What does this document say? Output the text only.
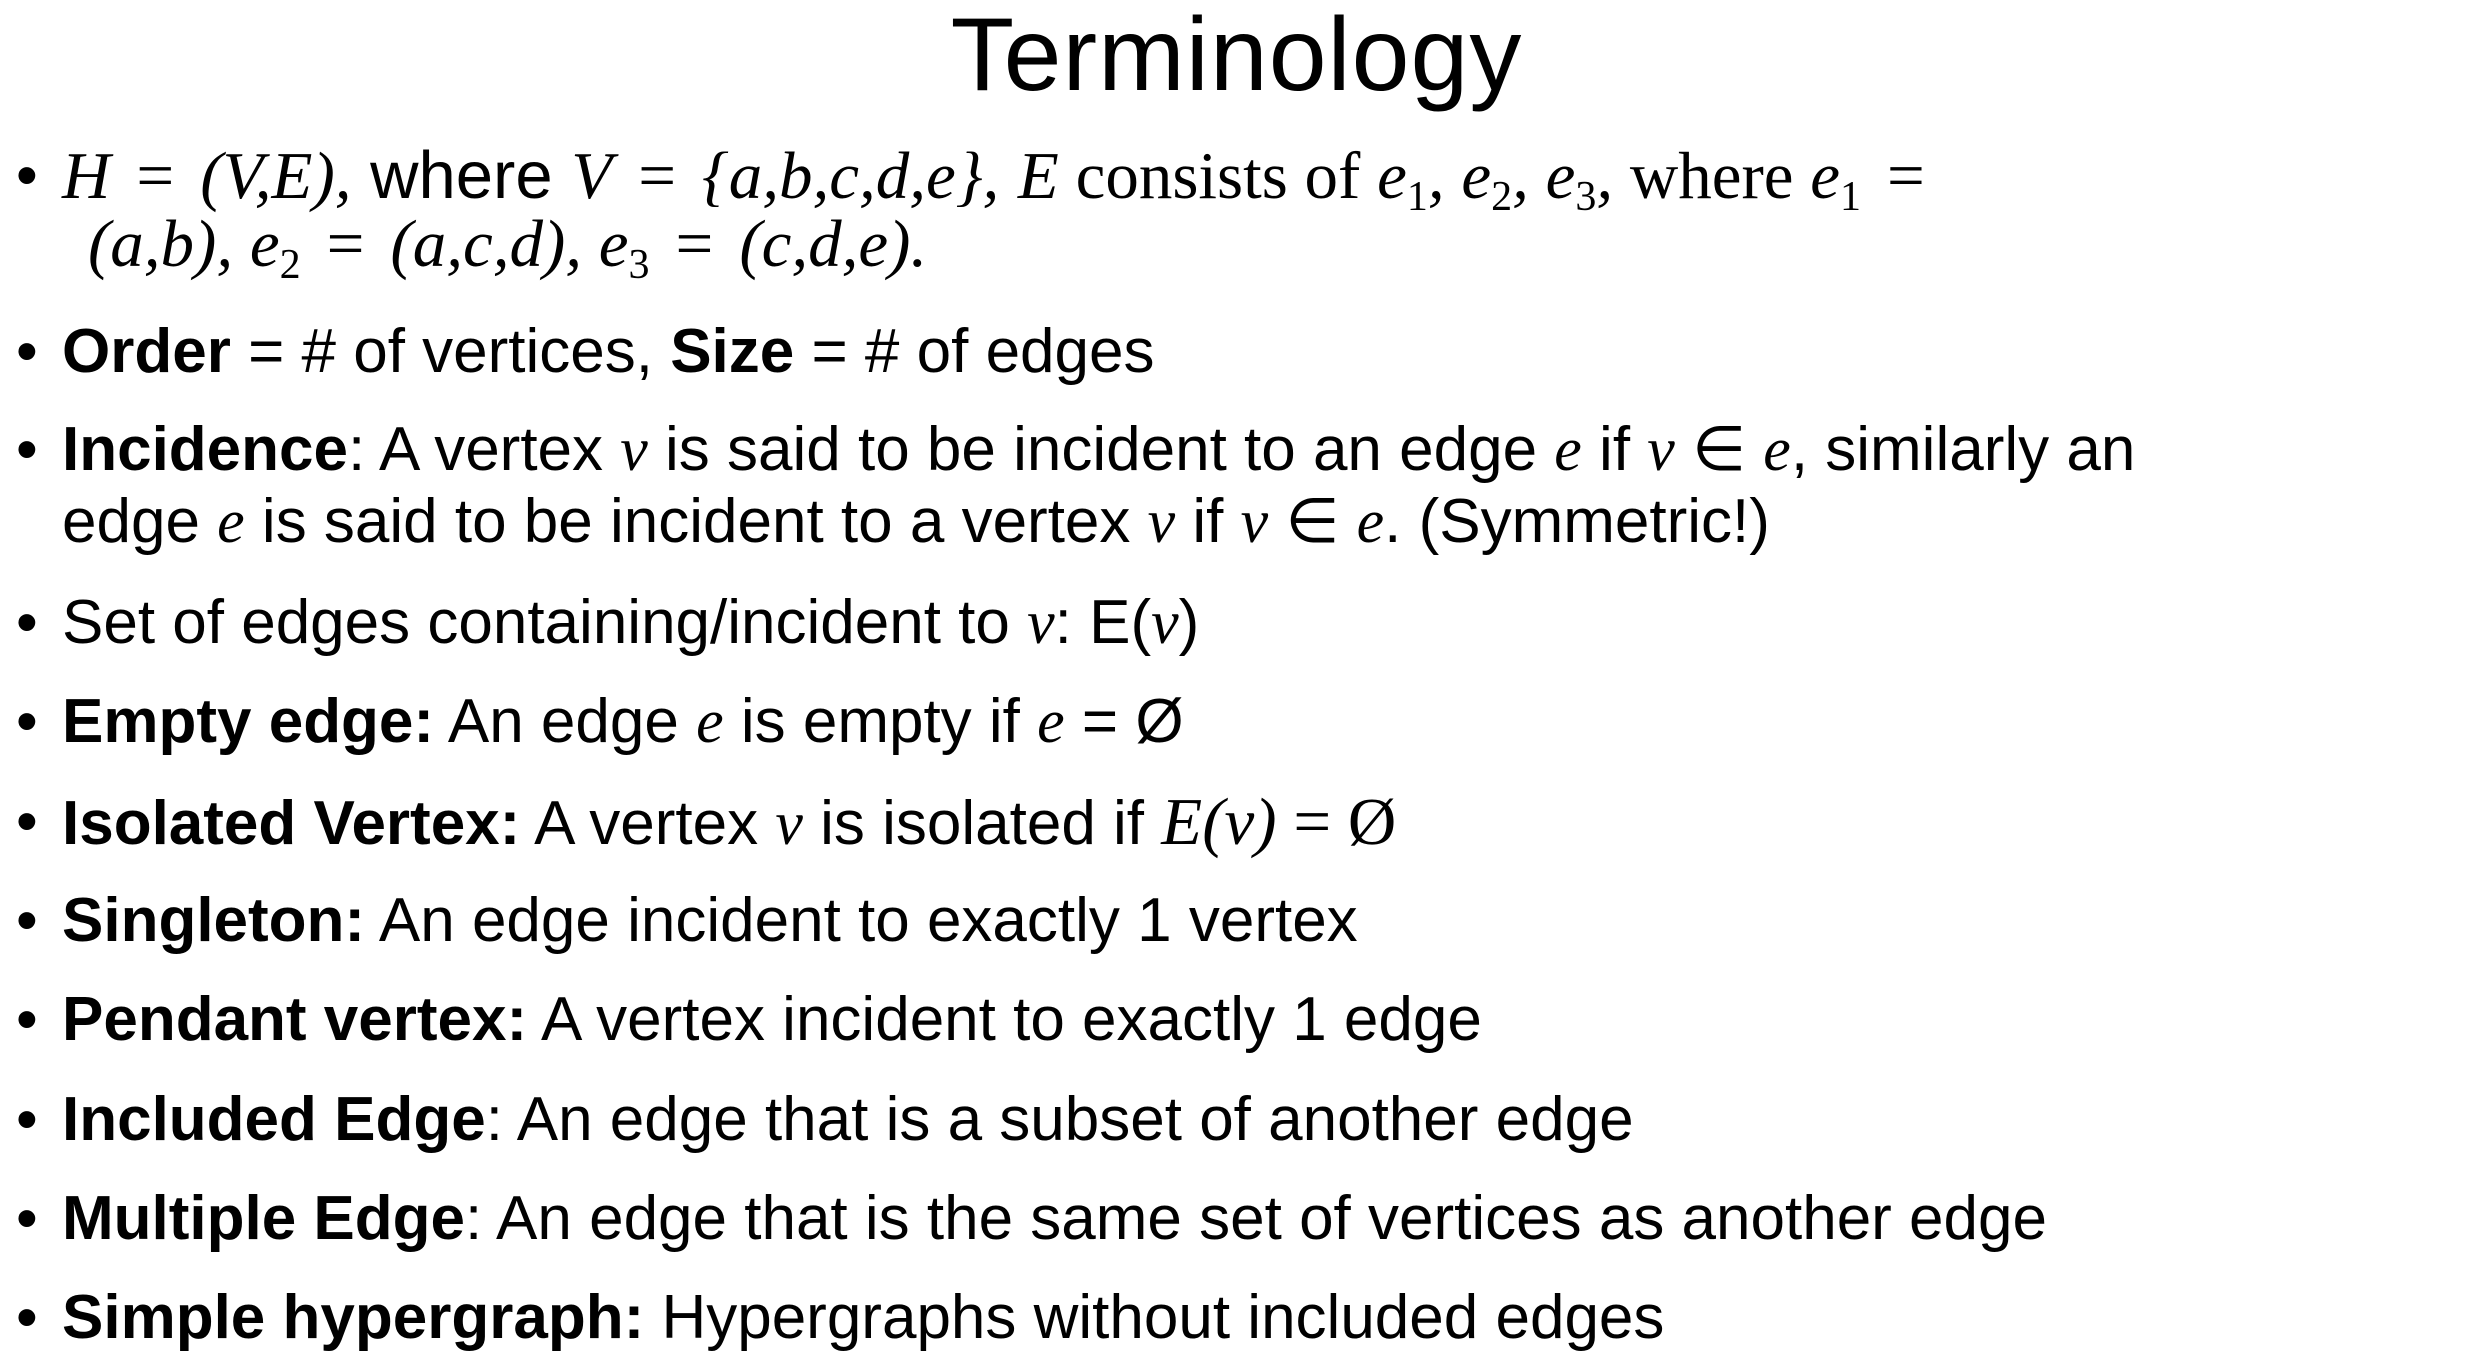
Terminology
• H = (V,E), where V = {a,b,c,d,e}, E consists of $e_1$, $e_2$, $e_3$, where $e_1$ =
(a,b), $e_2 = (a,c,d)$, $e_3 = (c,d,e)$.
• Order = # of vertices, Size = # of edges
• Incidence: A vertex v is said to be incident to an edge e if v ∈ e, similarly an
edge e is said to be incident to a vertex v if v ∈ e. (Symmetric!)
• Set of edges containing/incident to v: E(v)
• Empty edge: An edge e is empty if e = Ø
• Isolated Vertex: A vertex v is isolated if E(v) = Ø
• Singleton: An edge incident to exactly 1 vertex
• Pendant vertex: A vertex incident to exactly 1 edge
• Included Edge: An edge that is a subset of another edge
• Multiple Edge: An edge that is the same set of vertices as another edge
• Simple hypergraph: Hypergraphs without included edges
